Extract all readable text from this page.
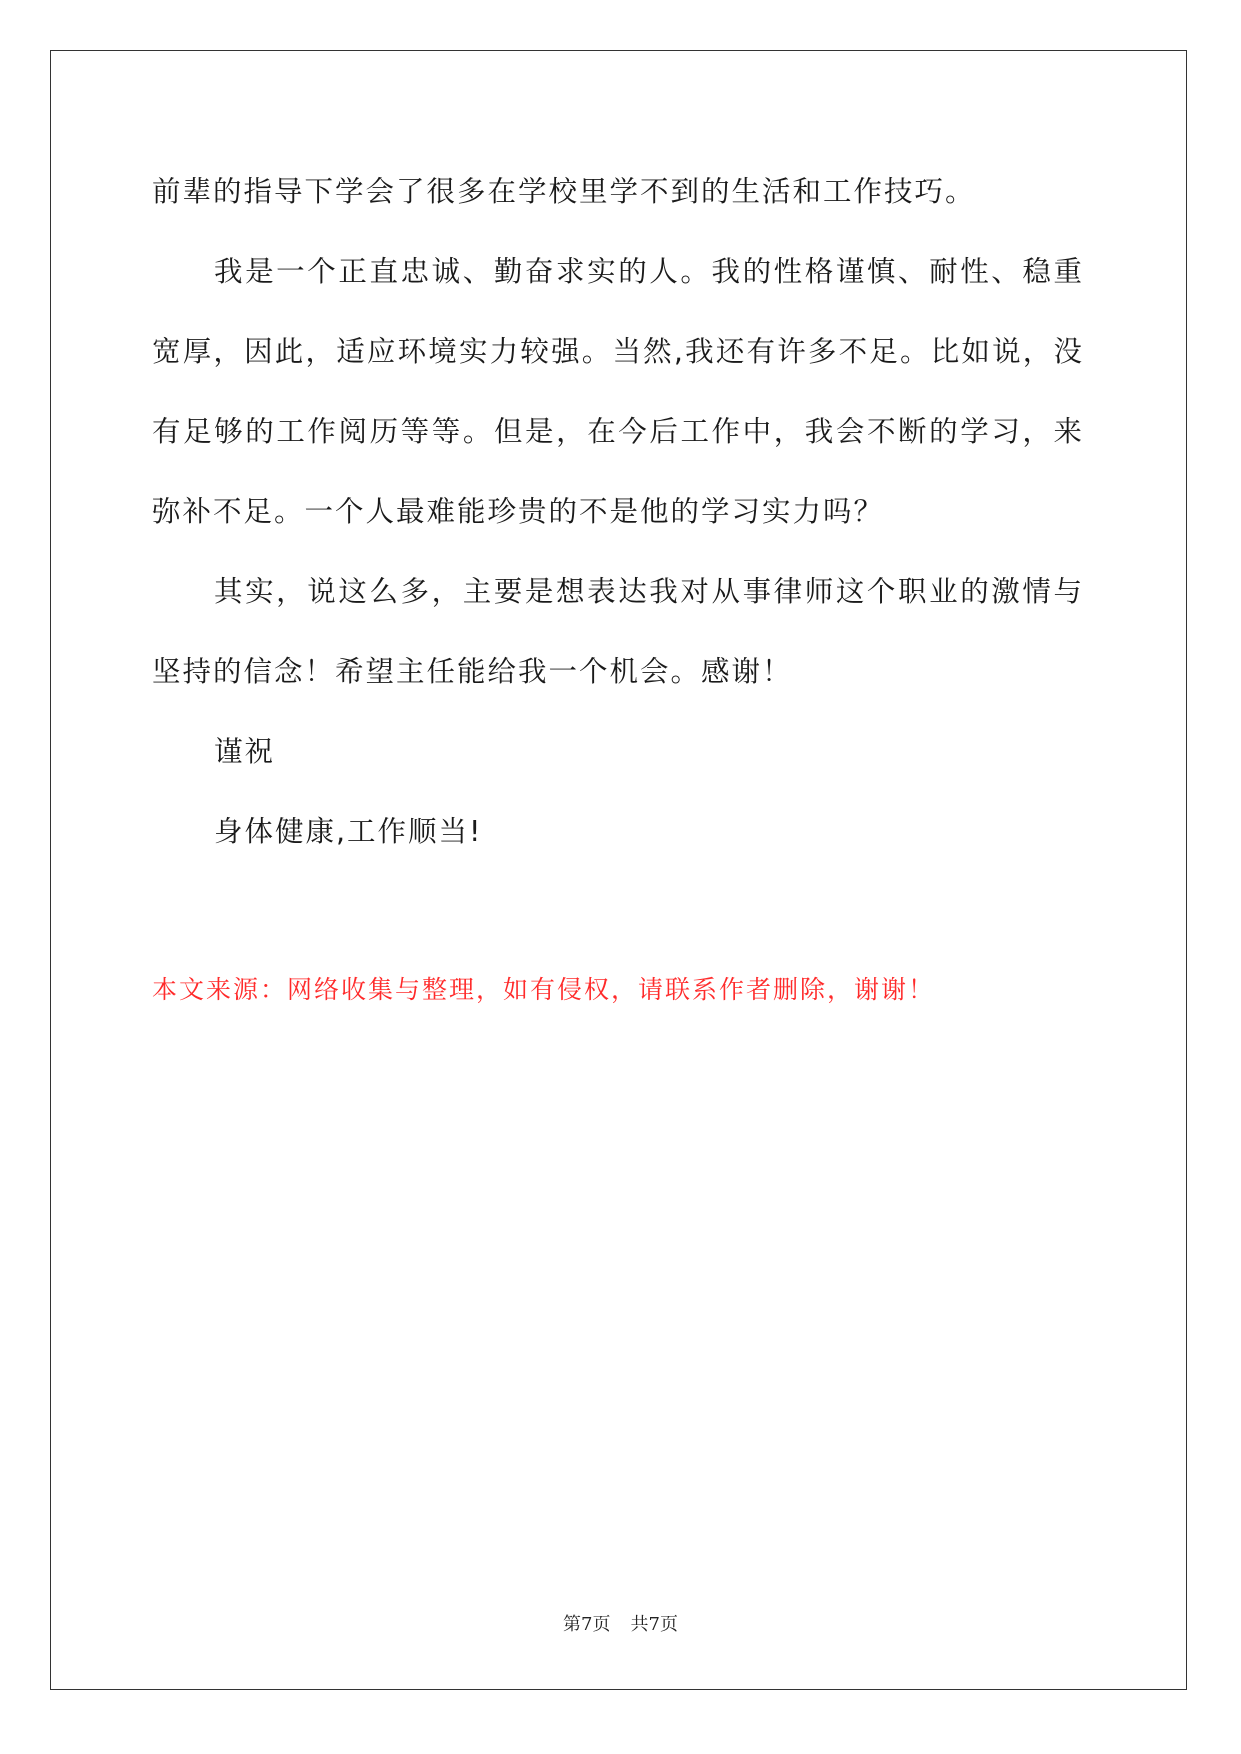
前辈的指导下学会了很多在学校里学不到的生活和工作技巧。
我是一个正直忠诚、勤奋求实的人。我的性格谨慎、耐性、稳重
宽厚，因此，适应环境实力较强。当然,我还有许多不足。比如说，没
有足够的工作阅历等等。但是，在今后工作中，我会不断的学习，来
弥补不足。一个人最难能珍贵的不是他的学习实力吗？
其实，说这么多，主要是想表达我对从事律师这个职业的激情与
坚持的信念！希望主任能给我一个机会。感谢！
谨祝
身体健康,工作顺当!
本文来源：网络收集与整理，如有侵权，请联系作者删除，谢谢！
第7页 共7页
